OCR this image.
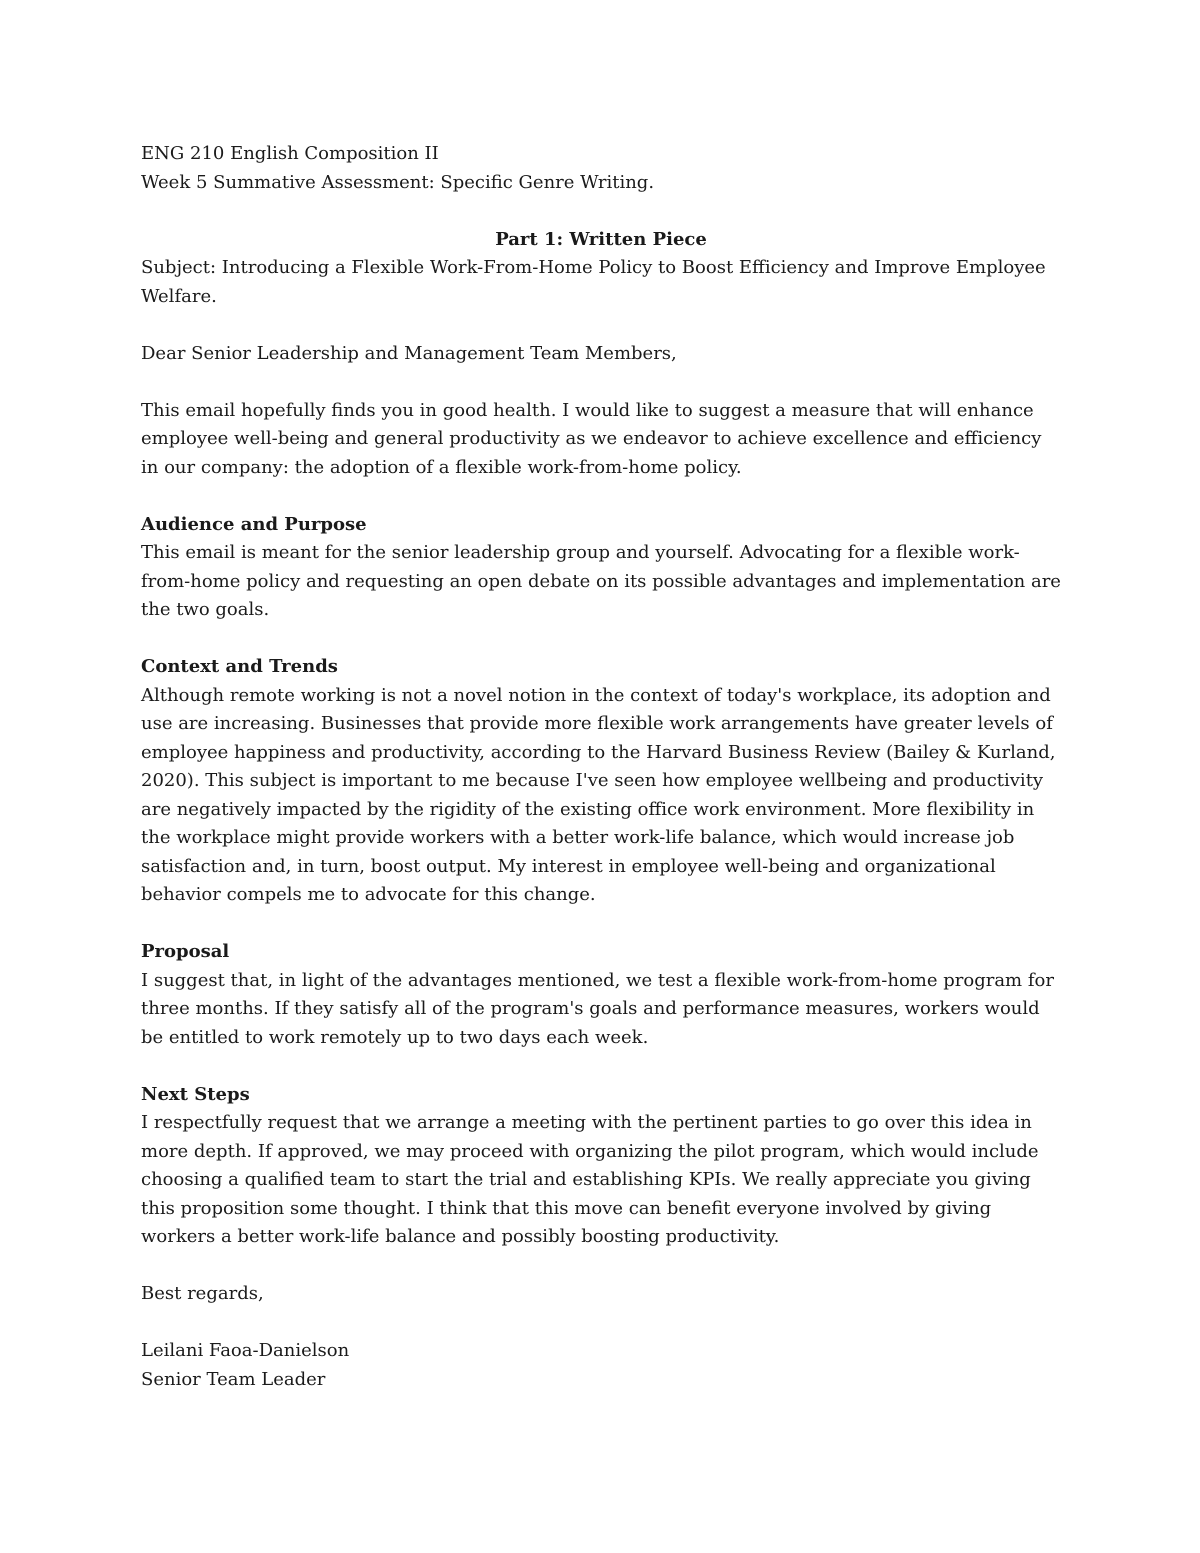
ENG 210 English Composition II

Week 5 Summative Assessment: Specific Genre Writing.

Part 1: Written Piece

Subject: Introducing a Flexible Work-From-Home Policy to Boost Efficiency and Improve Employee Welfare.

Dear Senior Leadership and Management Team Members,

This email hopefully finds you in good health. I would like to suggest a measure that will enhance employee well-being and general productivity as we endeavor to achieve excellence and efficiency in our company: the adoption of a flexible work-from-home policy.

Audience and Purpose

This email is meant for the senior leadership group and yourself. Advocating for a flexible work-from-home policy and requesting an open debate on its possible advantages and implementation are the two goals.

Context and Trends

Although remote working is not a novel notion in the context of today's workplace, its adoption and use are increasing. Businesses that provide more flexible work arrangements have greater levels of employee happiness and productivity, according to the Harvard Business Review (Bailey & Kurland, 2020). This subject is important to me because I've seen how employee wellbeing and productivity are negatively impacted by the rigidity of the existing office work environment. More flexibility in the workplace might provide workers with a better work-life balance, which would increase job satisfaction and, in turn, boost output. My interest in employee well-being and organizational behavior compels me to advocate for this change.

Proposal

I suggest that, in light of the advantages mentioned, we test a flexible work-from-home program for three months. If they satisfy all of the program's goals and performance measures, workers would be entitled to work remotely up to two days each week.

Next Steps

I respectfully request that we arrange a meeting with the pertinent parties to go over this idea in more depth. If approved, we may proceed with organizing the pilot program, which would include choosing a qualified team to start the trial and establishing KPIs. We really appreciate you giving this proposition some thought. I think that this move can benefit everyone involved by giving workers a better work-life balance and possibly boosting productivity.

Best regards,

Leilani Faoa-Danielson

Senior Team Leader
